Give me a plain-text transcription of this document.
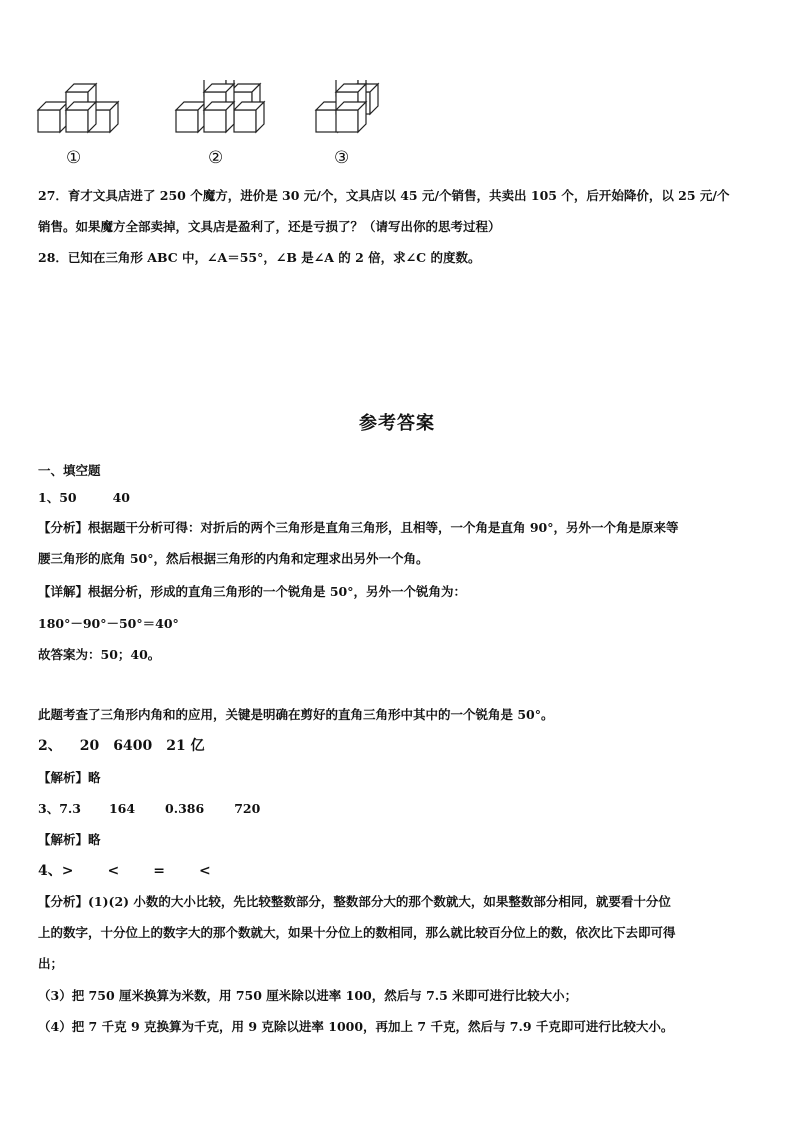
①	②	③
27．育才文具店进了 250 个魔方，进价是 30 元/个，文具店以 45 元/个销售，共卖出 105 个，后开始降价，以 25 元/个
销售。如果魔方全部卖掉，文具店是盈利了，还是亏损了？（请写出你的思考过程）
28．已知在三角形 ABC 中，∠A＝55°，∠B 是∠A 的 2 倍，求∠C 的度数。
参考答案
一、填空题
1、50	40
【分析】根据题干分析可得：对折后的两个三角形是直角三角形，且相等，一个角是直角 90°，另外一个角是原来等
腰三角形的底角 50°，然后根据三角形的内角和定理求出另外一个角。
【详解】根据分析，形成的直角三角形的一个锐角是 50°，另外一个锐角为：
180°－90°－50°＝40°
故答案为：50；40。
此题考查了三角形内角和的应用，关键是明确在剪好的直角三角形中其中的一个锐角是 50°。
2、 20 6400 21 亿
【解析】略
3、7.3 164 0.386 720
【解析】略
4、> < = <
【分析】(1)(2) 小数的大小比较，先比较整数部分，整数部分大的那个数就大，如果整数部分相同，就要看十分位
上的数字，十分位上的数字大的那个数就大，如果十分位上的数相同，那么就比较百分位上的数，依次比下去即可得
出；
（3）把 750 厘米换算为米数，用 750 厘米除以进率 100，然后与 7.5 米即可进行比较大小；
（4）把 7 千克 9 克换算为千克，用 9 克除以进率 1000，再加上 7 千克，然后与 7.9 千克即可进行比较大小。
